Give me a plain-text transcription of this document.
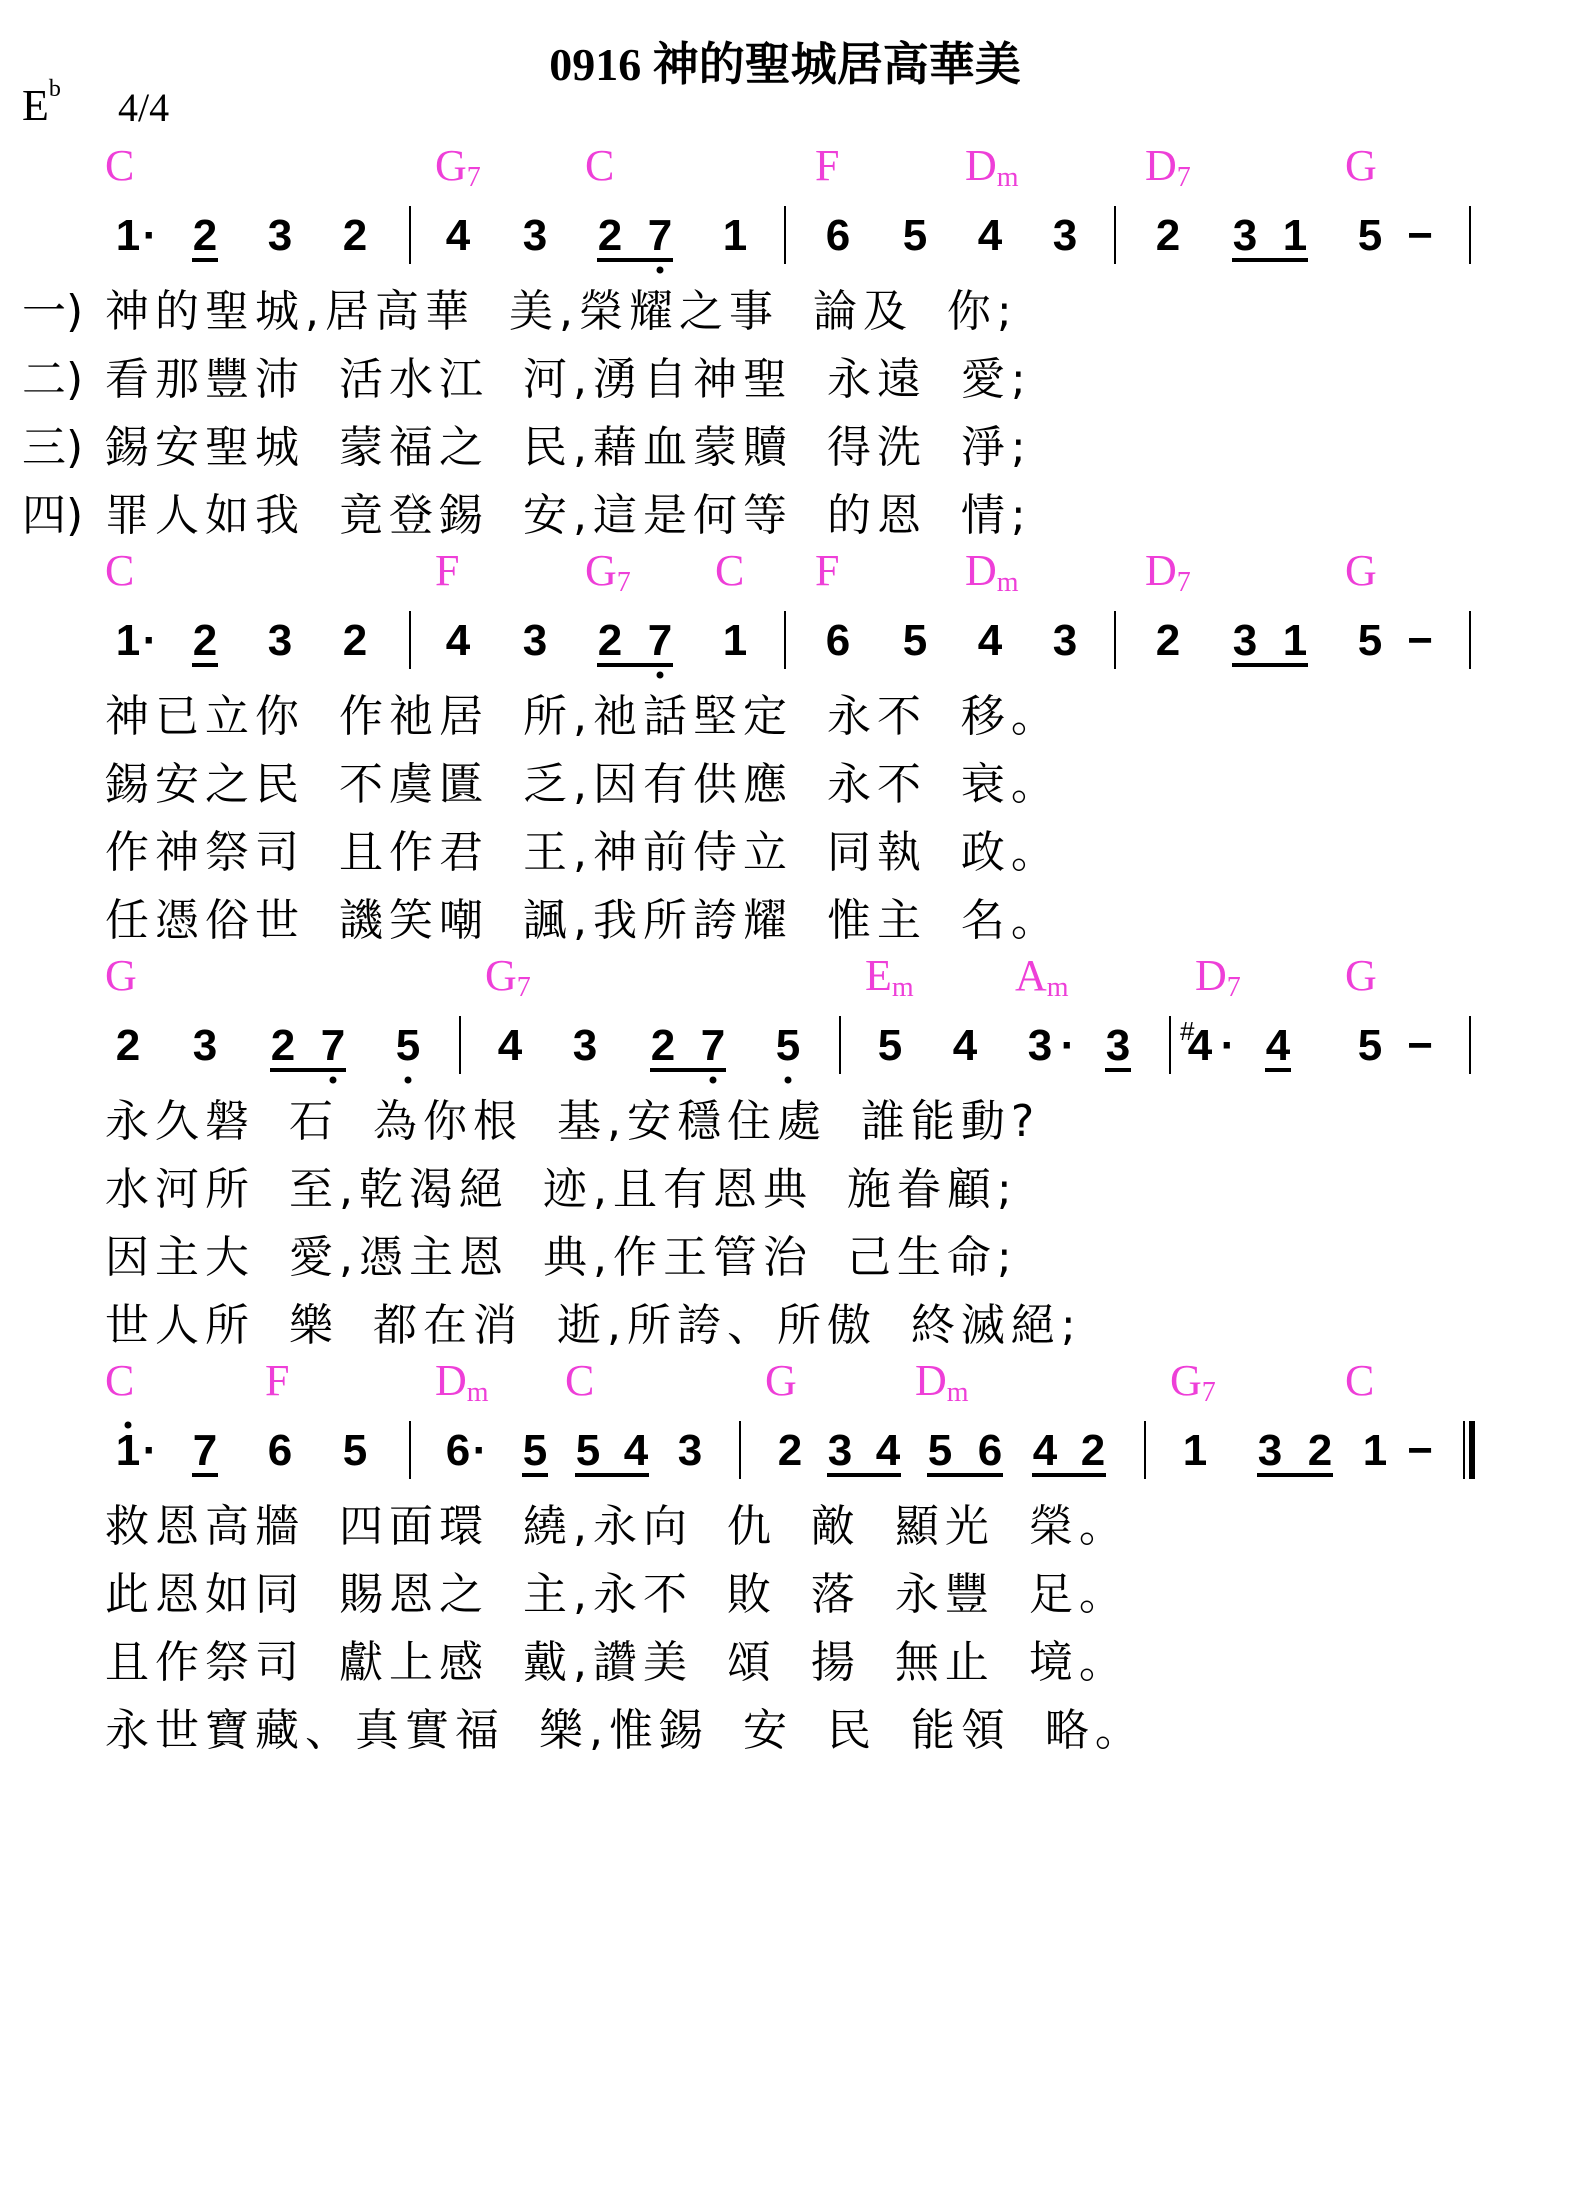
0916 神的聖城居高華美
$E^b$ 4/4
C	$G_7$ C	F	$D_m$	$D_7$	G
一) 神的聖城,居高華 美,榮耀之事 論及 你;
二) 看那豐沛 活水江 河,湧自神聖 永遠 愛;
三) 錫安聖城 蒙福之 民,藉血蒙贖 得洗 淨;
四) 罪人如我 竟登錫 安,這是何等 的恩 情;
C	F	$G_7$ C F	$D_m$	$D_7$	G
神已立你 作祂居 所,祂話堅定 永不 移。
錫安之民 不虞匱 乏,因有供應 永不 衰。
作神祭司 且作君 王,神前侍立 同執 政。
任憑俗世 譏笑嘲 諷,我所誇耀 惟主 名。
G	$G_7$	$E_m$ $A_m$	$D_7$ G
永久磐 石 為你根 基,安穩住處 誰能動?
水河所 至,乾渴絕 迹,且有恩典 施眷顧;
因主大 愛,憑主恩 典,作王管治 己生命;
世人所 樂 都在消 逝,所誇、所傲 終滅絕;
C	F	$D_m$ C	G	$D_m$	$G_7$	C
救恩高牆 四面環 繞,永向 仇 敵 顯光 榮。
此恩如同 賜恩之 主,永不 敗 落 永豐 足。
且作祭司 獻上感 戴,讚美 頌 揚 無止 境。
永世寶藏、真實福 樂,惟錫 安 民 能領 略。
